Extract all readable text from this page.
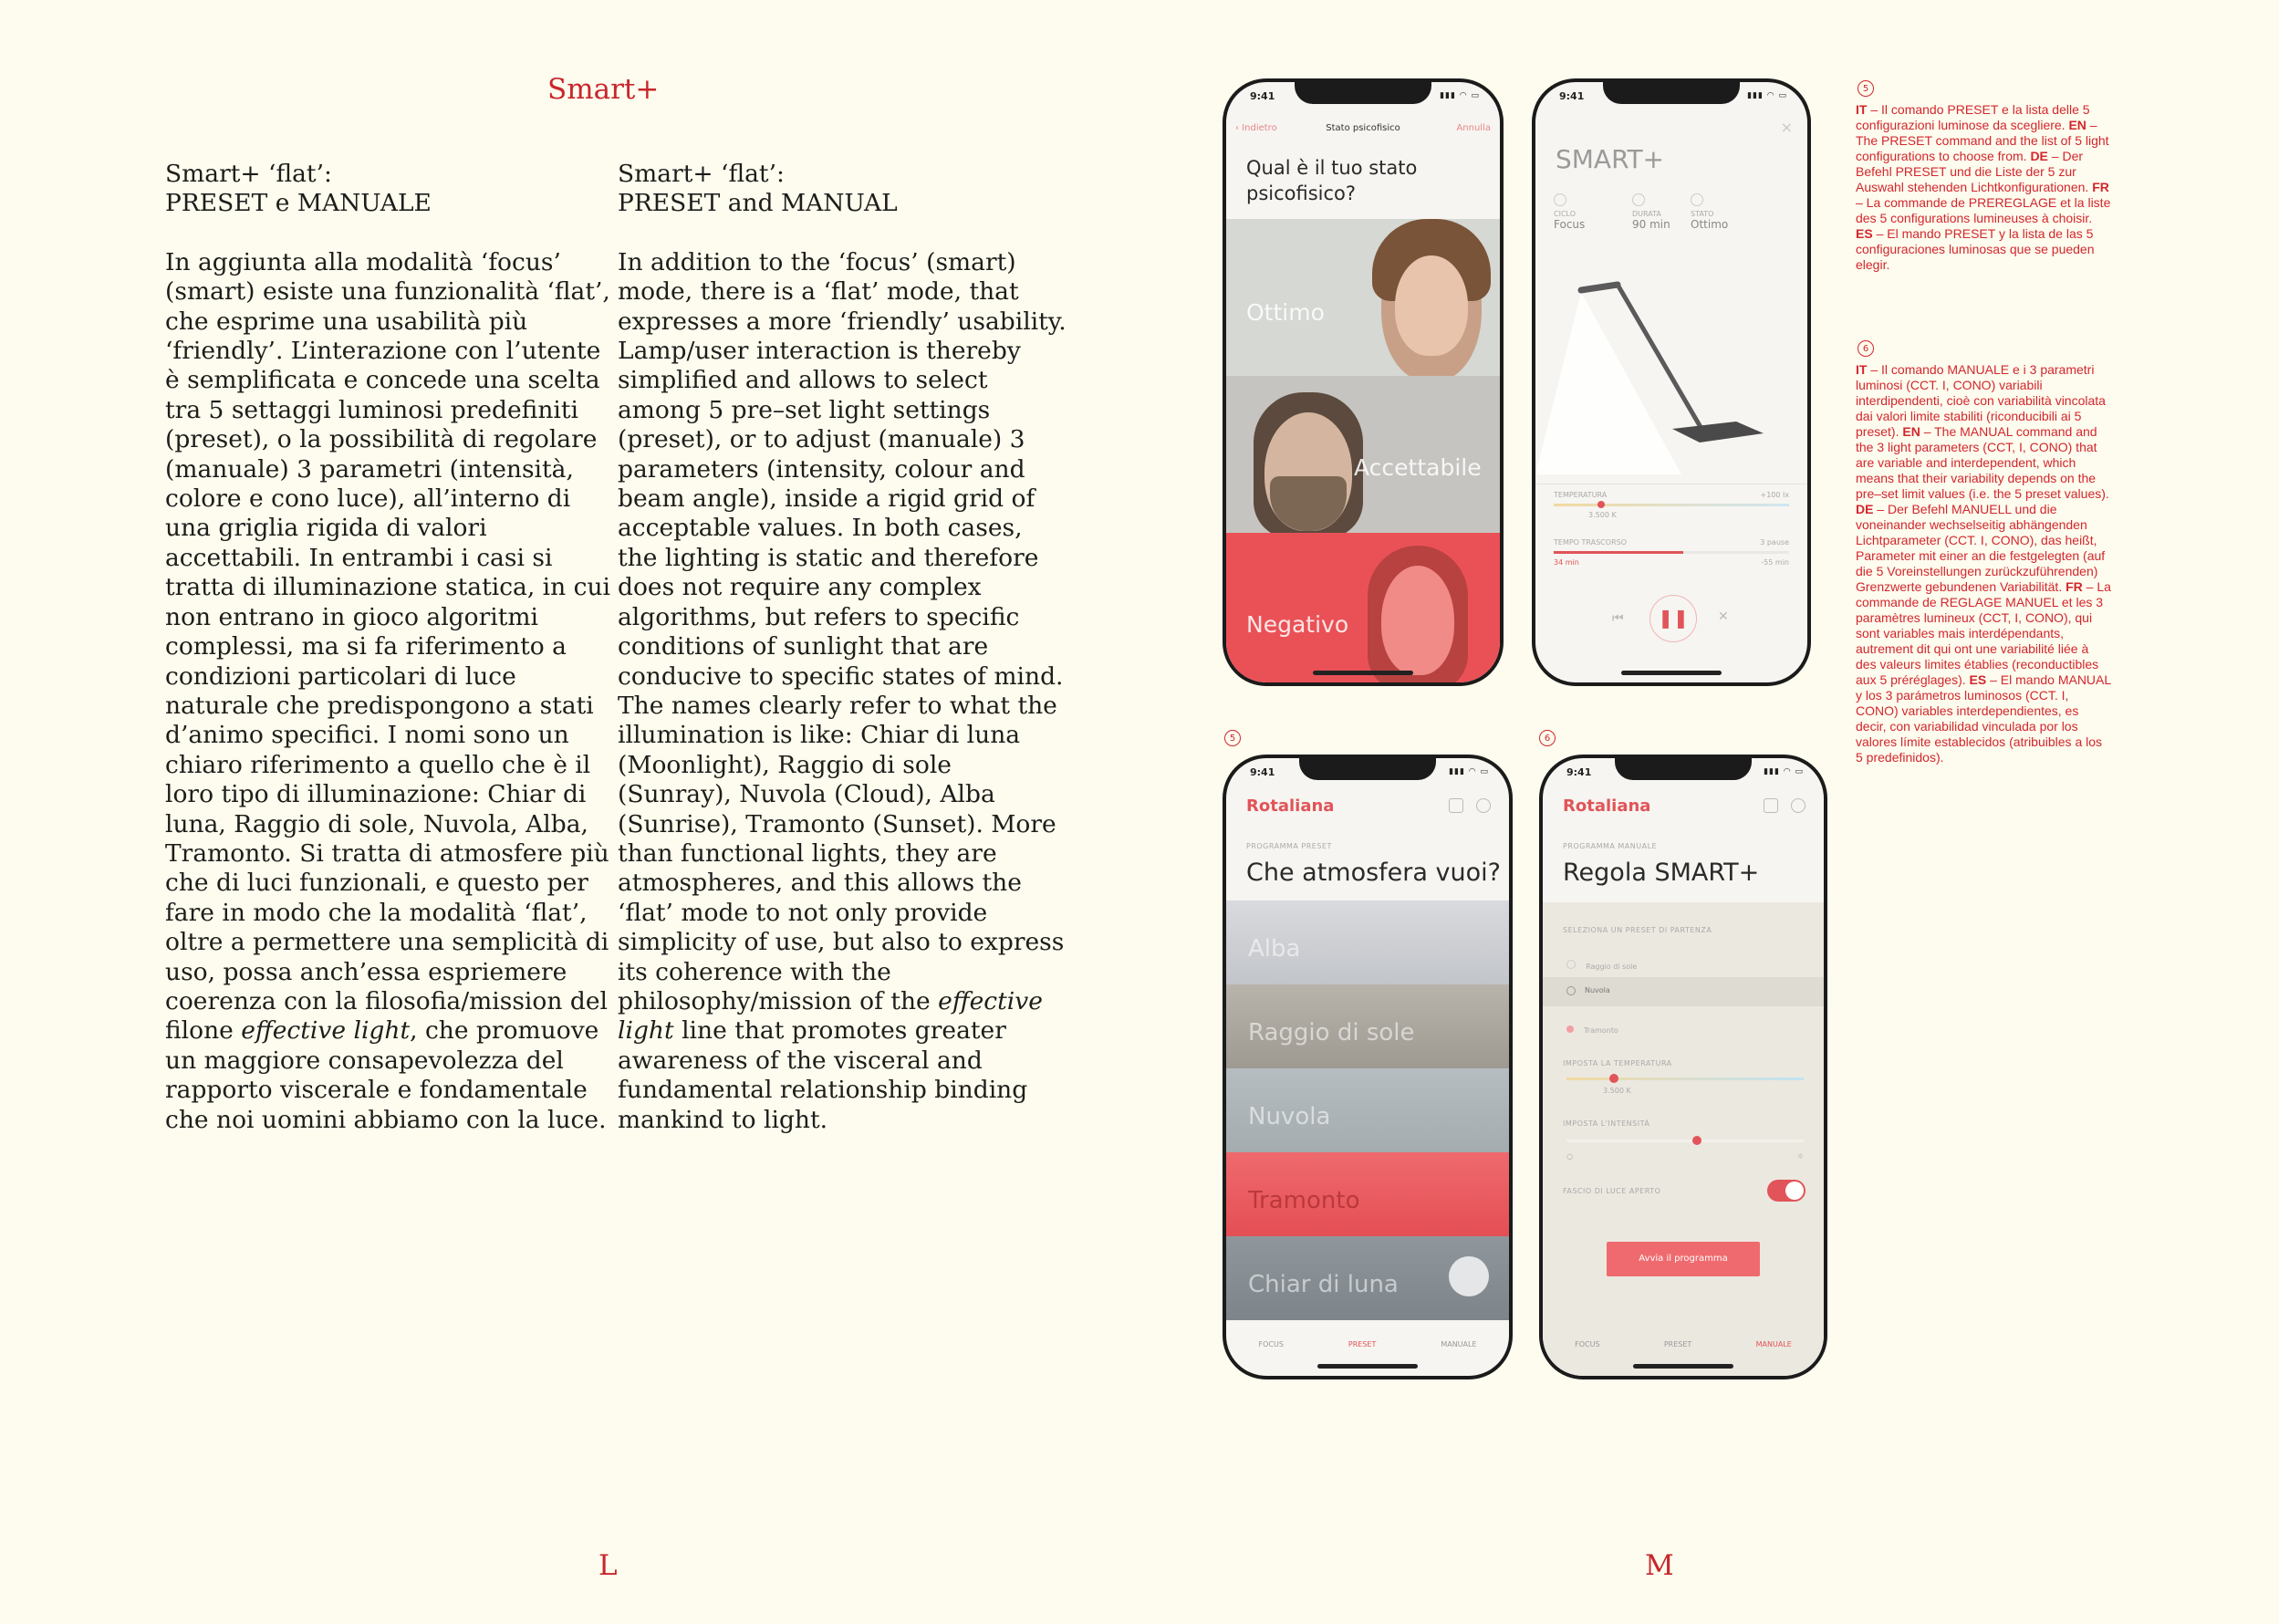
Smart+
Smart+ ‘flat’:
PRESET e MANUALE

In aggiunta alla modalità ‘focus’ (smart) esiste una funzionalità ‘flat’, che esprime una usabilità più ‘friendly’. L’interazione con l’utente è semplificata e concede una scelta tra 5 settaggi luminosi predefiniti (preset), o la possibilità di regolare (manuale) 3 parametri (intensità, colore e cono luce), all’interno di una griglia rigida di valori accettabili. In entrambi i casi si tratta di illuminazione statica, in cui non entrano in gioco algoritmi complessi, ma si fa riferimento a condizioni particolari di luce naturale che predispongono a stati d’animo specifici. I nomi sono un chiaro riferimento a quello che è il loro tipo di illuminazione: Chiar di luna, Raggio di sole, Nuvola, Alba, Tramonto. Si tratta di atmosfere più che di luci funzionali, e questo per fare in modo che la modalità ‘flat’, oltre a permettere una semplicità di uso, possa anch’essa espriemere coerenza con la filosofia/mission del filone effective light, che promuove un maggiore consapevolezza del rapporto viscerale e fondamentale che noi uomini abbiamo con la luce.

Smart+ ‘flat’:
PRESET and MANUAL

In addition to the ‘focus’ (smart) mode, there is a ‘flat’ mode, that expresses a more ‘friendly’ usability. Lamp/user interaction is thereby simplified and allows to select among 5 pre–set light settings (preset), or to adjust (manuale) 3 parameters (intensity, colour and beam angle), inside a rigid grid of acceptable values. In both cases, the lighting is static and therefore does not require any complex algorithms, but refers to specific conditions of sunlight that are conducive to specific states of mind. The names clearly refer to what the illumination is like: Chiar di luna (Moonlight), Raggio di sole (Sunray), Nuvola (Cloud), Alba (Sunrise), Tramonto (Sunset). More than functional lights, they are atmospheres, and this allows the ‘flat’ mode to not only provide simplicity of use, but also to express its coherence with the philosophy/mission of the effective light line that promotes greater awareness of the visceral and fundamental relationship binding mankind to light.

L	M
9:41	▮▮▮ ◠ ▭
‹ Indietro	Stato psicofisico	Annulla
Qual è il tuo stato psicofisico?
Ottimo
Accettabile
Negativo
9:41	▮▮▮ ◠ ▭
×
SMART+
CICLO
Focus
DURATA
90 min
STATO
Ottimo
TEMPERATURA	+100 lx
3.500 K
TEMPO TRASCORSO	3 pause
34 min	-55 min
⏮	❚❚	✕
5
9:41	▮▮▮ ◠ ▭
Rotaliana
PROGRAMMA PRESET
Che atmosfera vuoi?
Alba
Raggio di sole
Nuvola
Tramonto
Chiar di luna
FOCUS	PRESET	MANUALE
6
9:41	▮▮▮ ◠ ▭
Rotaliana
PROGRAMMA MANUALE
Regola SMART+
SELEZIONA UN PRESET DI PARTENZA
Raggio di sole
Nuvola
Tramonto
IMPOSTA LA TEMPERATURA
3.500 K
IMPOSTA L'INTENSITÀ
○	☼
FASCIO DI LUCE APERTO
Avvia il programma
FOCUS	PRESET	MANUALE
5
IT – Il comando PRESET e la lista delle 5 configurazioni luminose da scegliere. EN – The PRESET command and the list of 5 light configurations to choose from. DE – Der Befehl PRESET und die Liste der 5 zur Auswahl stehenden Lichtkonfigurationen. FR – La commande de PREREGLAGE et la liste des 5 configurations lumineuses à choisir. ES – El mando PRESET y la lista de las 5 configuraciones luminosas que se pueden elegir.
6
IT – Il comando MANUALE e i 3 parametri luminosi (CCT. I, CONO) variabili interdipendenti, cioè con variabilità vincolata dai valori limite stabiliti (riconducibili ai 5 preset). EN – The MANUAL command and the 3 light parameters (CCT, I, CONO) that are variable and interdependent, which means that their variability depends on the pre–set limit values (i.e. the 5 preset values). DE – Der Befehl MANUELL und die voneinander wechselseitig abhängenden Lichtparameter (CCT. I, CONO), das heißt, Parameter mit einer an die festgelegten (auf die 5 Voreinstellungen zurückzuführenden) Grenzwerte gebundenen Variabilität. FR – La commande de REGLAGE MANUEL et les 3 paramètres lumineux (CCT, I, CONO), qui sont variables mais interdépendants, autrement dit qui ont une variabilité liée à des valeurs limites établies (reconductibles aux 5 préréglages). ES – El mando MANUAL y los 3 parámetros luminosos (CCT. I, CONO) variables interdependientes, es decir, con variabilidad vinculada por los valores límite establecidos (atribuibles a los 5 predefinidos).
